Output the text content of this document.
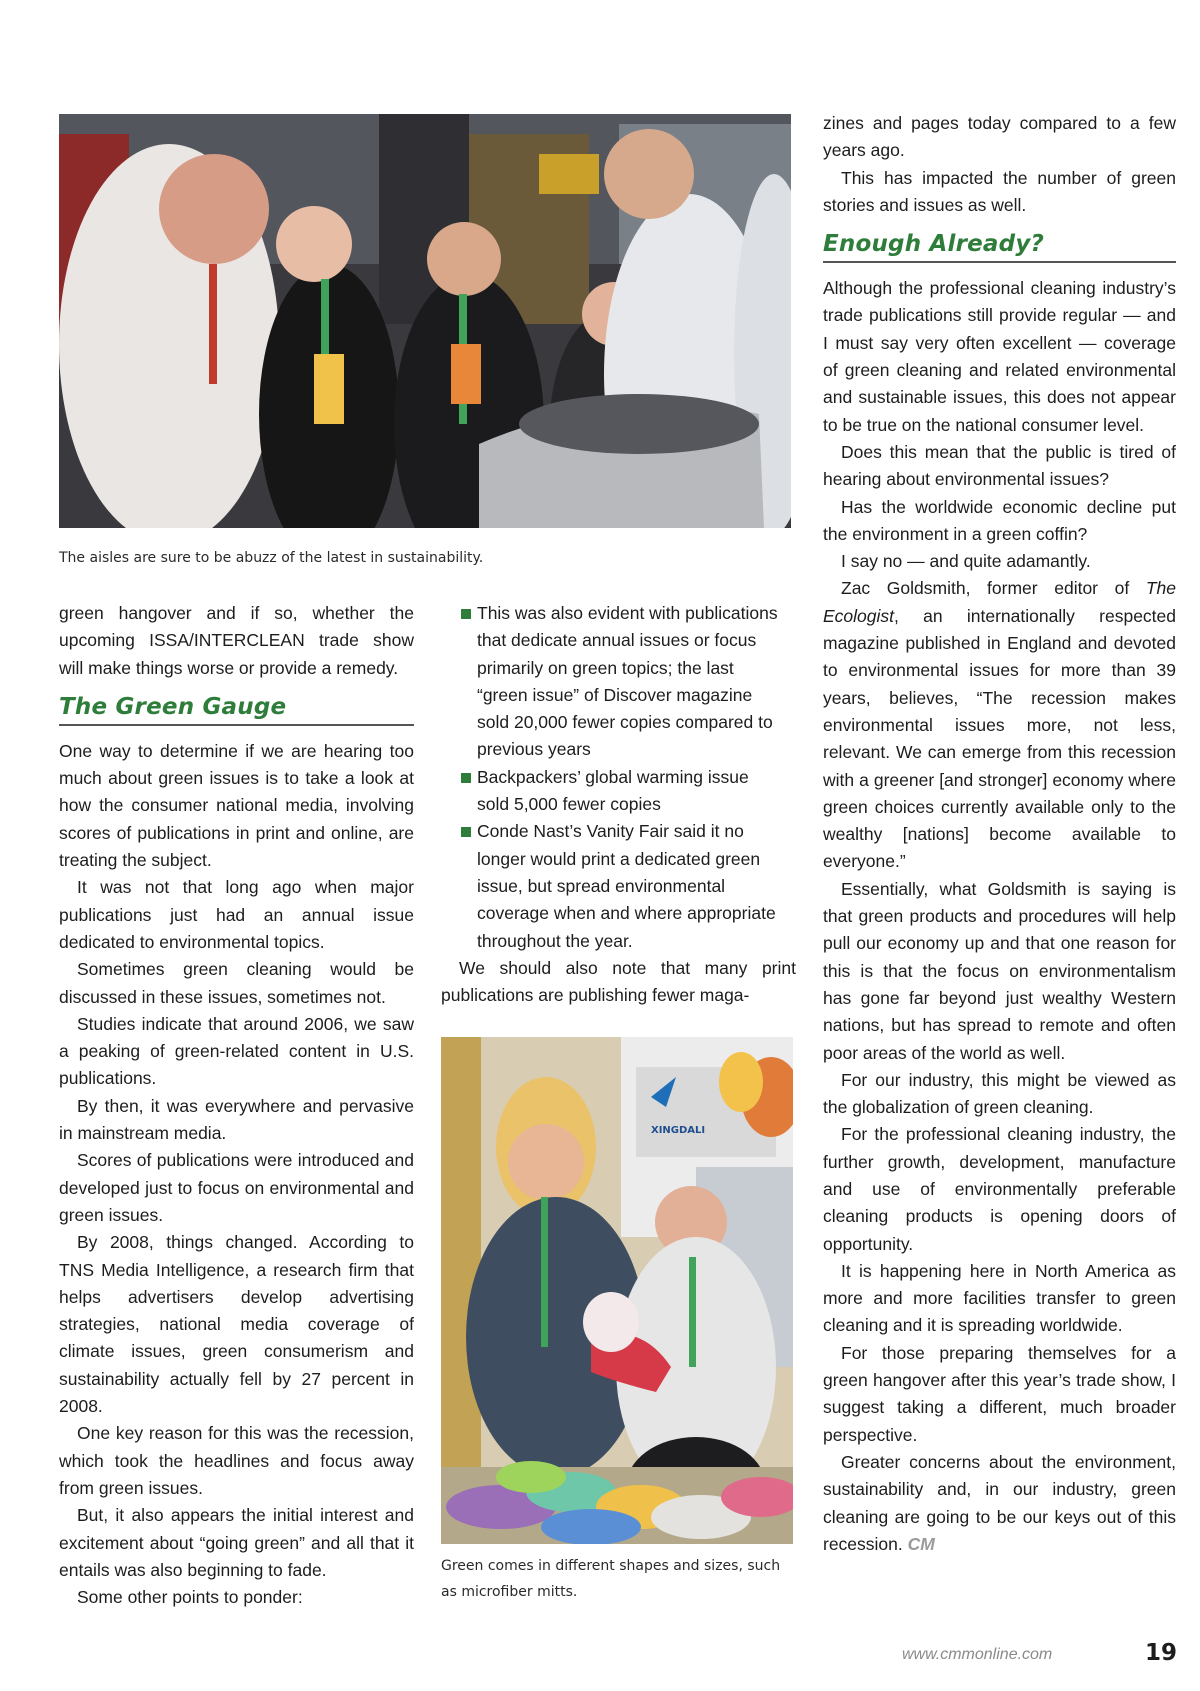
The aisles are sure to be abuzz of the latest in sustainability.

green hangover and if so, whether the upcoming ISSA/INTERCLEAN trade show will make things worse or provide a remedy.

The Green Gauge

One way to determine if we are hearing too much about green issues is to take a look at how the consumer national media, involving scores of publications in print and online, are treating the subject.

It was not that long ago when major publications just had an annual issue dedicated to environmental topics.

Sometimes green cleaning would be discussed in these issues, sometimes not.

Studies indicate that around 2006, we saw a peaking of green-related content in U.S. publications.

By then, it was everywhere and pervasive in mainstream media.

Scores of publications were introduced and developed just to focus on environmental and green issues.

By 2008, things changed. According to TNS Media Intelligence, a research firm that helps advertisers develop advertising strategies, national media coverage of climate issues, green consumerism and sustainability actually fell by 27 percent in 2008.

One key reason for this was the recession, which took the headlines and focus away from green issues.

But, it also appears the initial interest and excitement about “going green” and all that it entails was also beginning to fade.

Some other points to ponder:

This was also evident with publications that dedicate annual issues or focus primarily on green topics; the last “green issue” of Discover magazine sold 20,000 fewer copies compared to previous years
Backpackers’ global warming issue sold 5,000 fewer copies
Conde Nast’s Vanity Fair said it no longer would print a dedicated green issue, but spread environmental coverage when and where appropriate throughout the year.

We should also note that many print publications are publishing fewer maga-

XINGDALI
Green comes in different shapes and sizes, such
as microfiber mitts.

zines and pages today compared to a few years ago.

This has impacted the number of green stories and issues as well.

Enough Already?

Although the professional cleaning industry’s trade publications still provide regular — and I must say very often excellent — coverage of green cleaning and related environmental and sustainable issues, this does not appear to be true on the national consumer level.

Does this mean that the public is tired of hearing about environmental issues?

Has the worldwide economic decline put the environment in a green coffin?

I say no — and quite adamantly.

Zac Goldsmith, former editor of The Ecologist, an internationally respected magazine published in England and devoted to environmental issues for more than 39 years, believes, “The recession makes environmental issues more, not less, relevant. We can emerge from this recession with a greener [and stronger] economy where green choices currently available only to the wealthy [nations] become available to everyone.”

Essentially, what Goldsmith is saying is that green products and procedures will help pull our economy up and that one reason for this is that the focus on environmentalism has gone far beyond just wealthy Western nations, but has spread to remote and often poor areas of the world as well.

For our industry, this might be viewed as the globalization of green cleaning.

For the professional cleaning industry, the further growth, development, manufacture and use of environmentally preferable cleaning products is opening doors of opportunity.

It is happening here in North America as more and more facilities transfer to green cleaning and it is spreading worldwide.

For those preparing themselves for a green hangover after this year’s trade show, I suggest taking a different, much broader perspective.

Greater concerns about the environment, sustainability and, in our industry, green cleaning are going to be our keys out of this recession. CM

www.cmmonline.com	19
